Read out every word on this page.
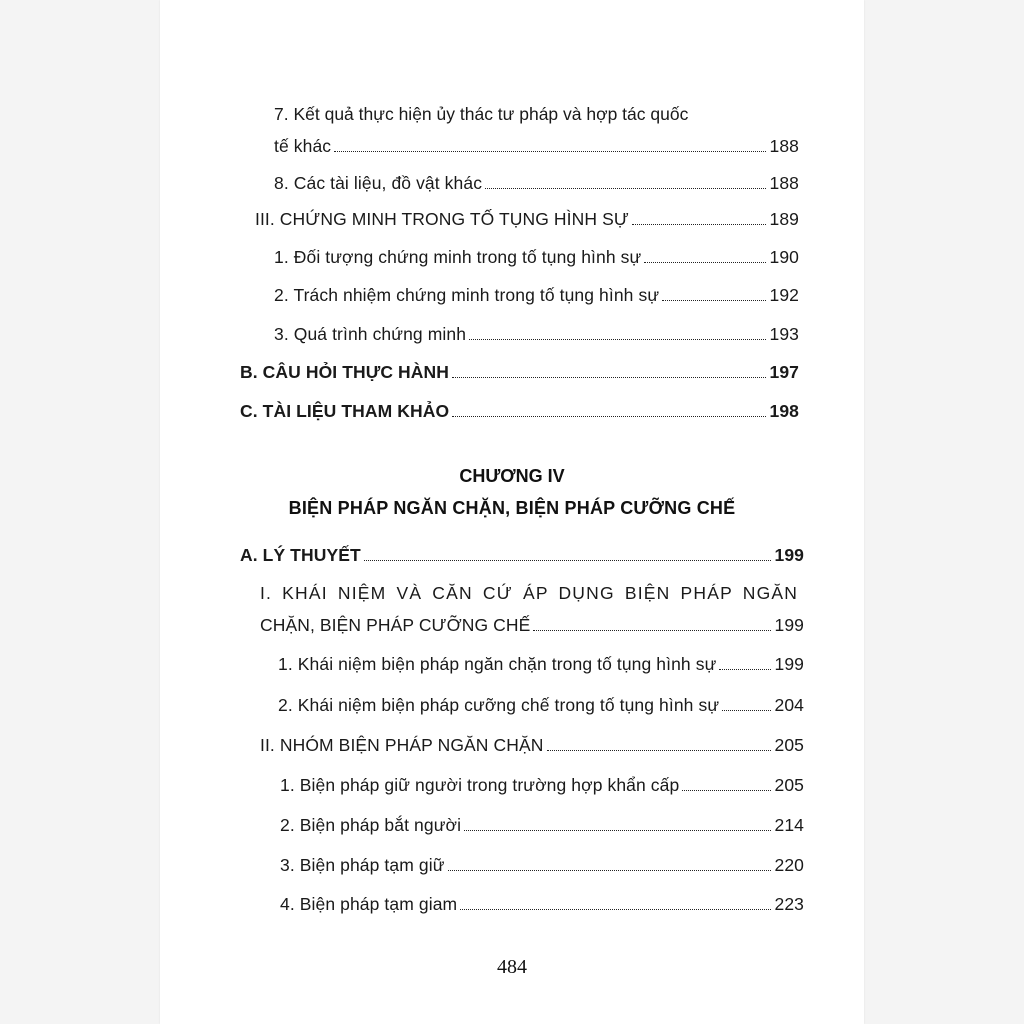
7. Kết quả thực hiện ủy thác tư pháp và hợp tác quốc
tế khác	188
8. Các tài liệu, đồ vật khác	188
III. CHỨNG MINH TRONG TỐ TỤNG HÌNH SỰ	189
1. Đối tượng chứng minh trong tố tụng hình sự	190
2. Trách nhiệm chứng minh trong tố tụng hình sự	192
3. Quá trình chứng minh	193
B. CÂU HỎI THỰC HÀNH	197
C. TÀI LIỆU THAM KHẢO	198
CHƯƠNG IV
BIỆN PHÁP NGĂN CHẶN, BIỆN PHÁP CƯỠNG CHẾ
A. LÝ THUYẾT	199
I. KHÁI NIỆM VÀ CĂN CỨ ÁP DỤNG BIỆN PHÁP NGĂN
CHẶN, BIỆN PHÁP CƯỠNG CHẾ	199
1. Khái niệm biện pháp ngăn chặn trong tố tụng hình sự	199
2. Khái niệm biện pháp cưỡng chế trong tố tụng hình sự	204
II. NHÓM BIỆN PHÁP NGĂN CHẶN	205
1. Biện pháp giữ người trong trường hợp khẩn cấp	205
2. Biện pháp bắt người	214
3. Biện pháp tạm giữ	220
4. Biện pháp tạm giam	223
484
